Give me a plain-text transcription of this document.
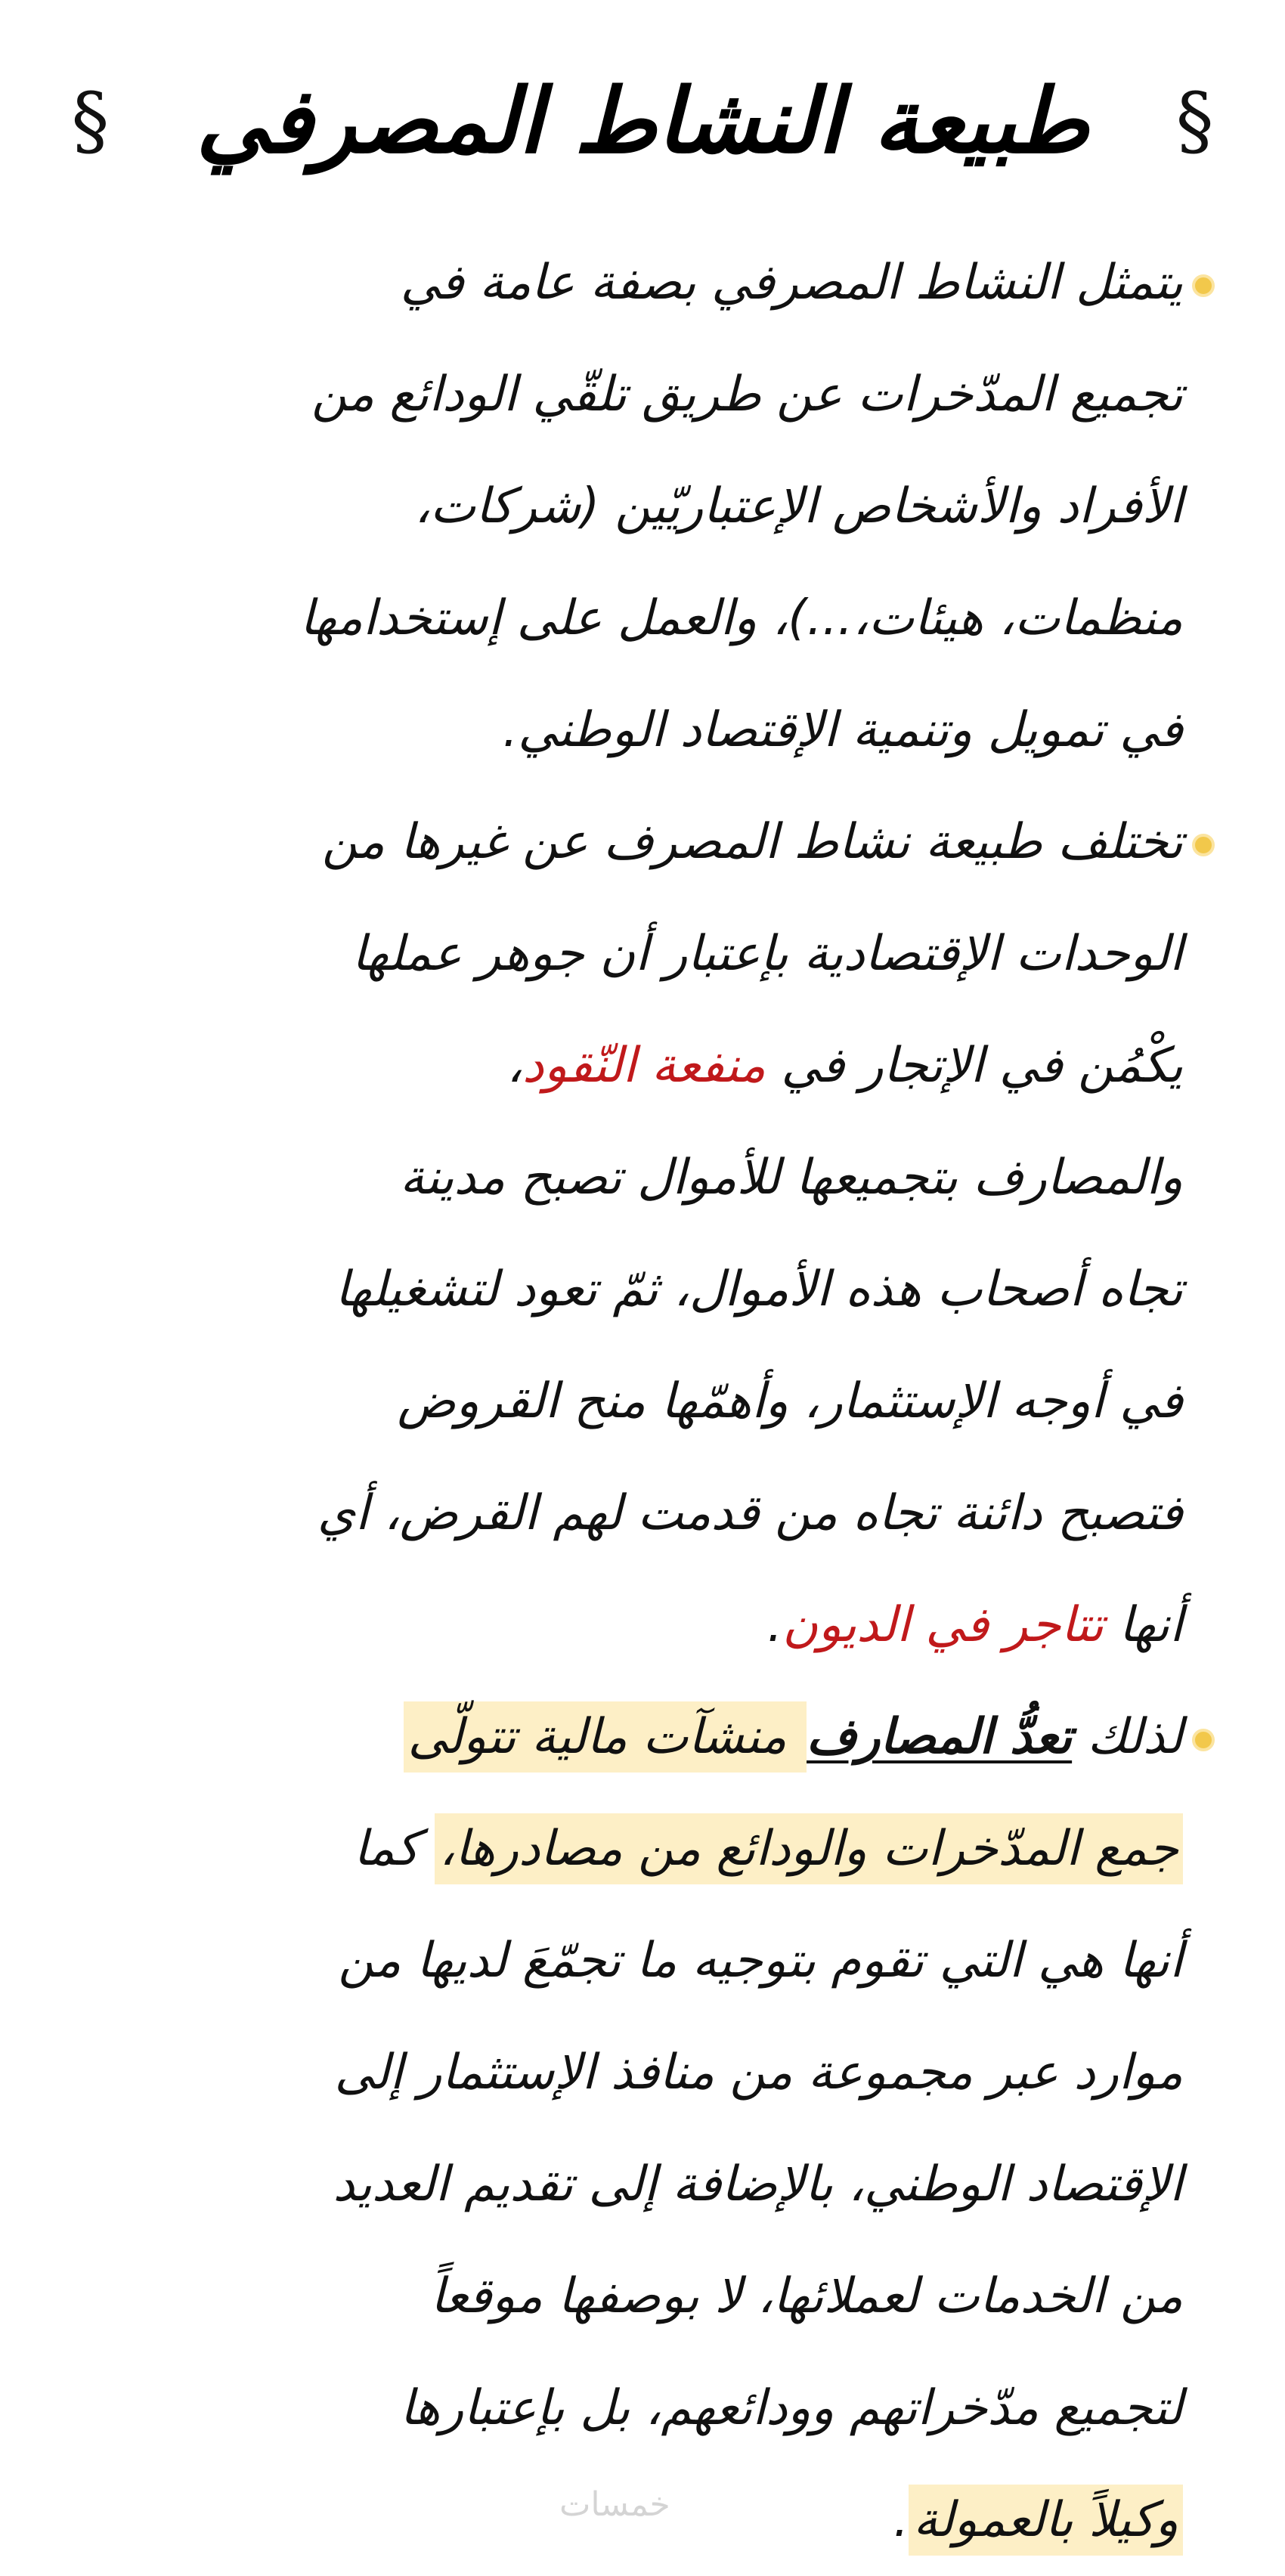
§
طبيعة النشاط المصرفي
§
يتمثل النشاط المصرفي بصفة عامة في
تجميع المدّخرات عن طريق تلقّي الودائع من
الأفراد والأشخاص الإعتباريّين (شركات،
منظمات، هيئات،...)، والعمل على إستخدامها
في تمويل وتنمية الإقتصاد الوطني.
تختلف طبيعة نشاط المصرف عن غيرها من
الوحدات الإقتصادية بإعتبار أن جوهر عملها
يكْمُن في الإتجار في منفعة النّقود،
والمصارف بتجميعها للأموال تصبح مدينة
تجاه أصحاب هذه الأموال، ثمّ تعود لتشغيلها
في أوجه الإستثمار، وأهمّها منح القروض
فتصبح دائنة تجاه من قدمت لهم القرض، أي
أنها تتاجر في الديون.
لذلك تعدُّ المصارف منشآت مالية تتولّى
جمع المدّخرات والودائع من مصادرها، كما
أنها هي التي تقوم بتوجيه ما تجمّعَ لديها من
موارد عبر مجموعة من منافذ الإستثمار إلى
الإقتصاد الوطني، بالإضافة إلى تقديم العديد
من الخدمات لعملائها، لا بوصفها موقعاً
لتجميع مدّخراتهم وودائعهم، بل بإعتبارها
وكيلاً بالعمولة.
خمسات
